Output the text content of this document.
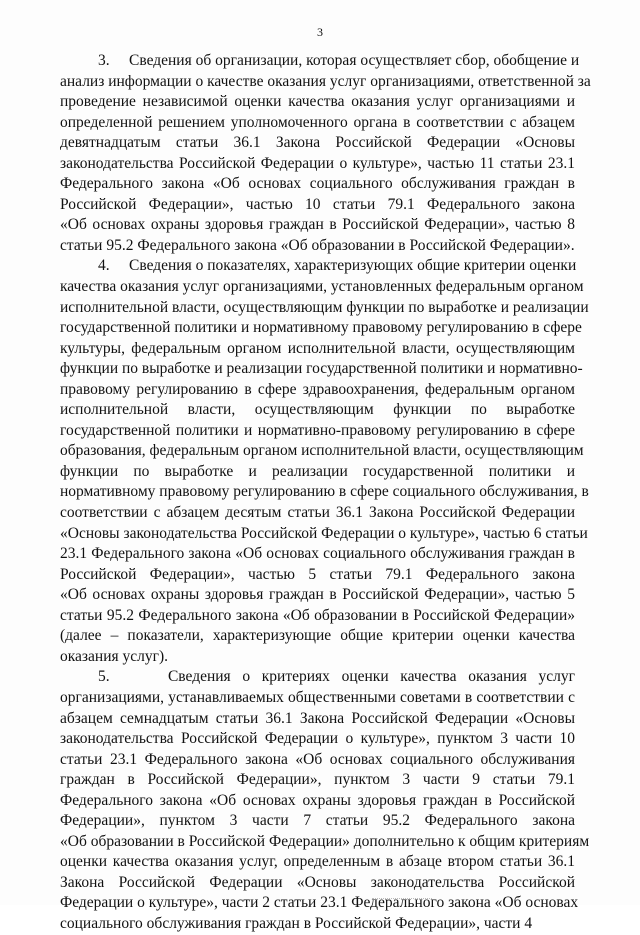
3

3.     Сведения об организации, которая осуществляет сбор, обобщение и
анализ информации о качестве оказания услуг организациями, ответственной за
проведение независимой оценки качества оказания услуг организациями и
определенной решением уполномоченного органа в соответствии с абзацем
девятнадцатым статьи 36.1 Закона Российской Федерации «Основы
законодательства Российской Федерации о культуре», частью 11 статьи 23.1
Федерального закона «Об основах социального обслуживания граждан в
Российской Федерации», частью 10 статьи 79.1 Федерального закона
«Об основах охраны здоровья граждан в Российской Федерации», частью 8
статьи 95.2 Федерального закона «Об образовании в Российской Федерации».

4.     Сведения о показателях, характеризующих общие критерии оценки
качества оказания услуг организациями, установленных федеральным органом
исполнительной власти, осуществляющим функции по выработке и реализации
государственной политики и нормативному правовому регулированию в сфере
культуры, федеральным органом исполнительной власти, осуществляющим
функции по выработке и реализации государственной политики и нормативно-
правовому регулированию в сфере здравоохранения, федеральным органом
исполнительной власти, осуществляющим функции по выработке
государственной политики и нормативно-правовому регулированию в сфере
образования, федеральным органом исполнительной власти, осуществляющим
функции по выработке и реализации государственной политики и
нормативному правовому регулированию в сфере социального обслуживания, в
соответствии с абзацем десятым статьи 36.1 Закона Российской Федерации
«Основы законодательства Российской Федерации о культуре», частью 6 статьи
23.1 Федерального закона «Об основах социального обслуживания граждан в
Российской Федерации», частью 5 статьи 79.1 Федерального закона
«Об основах охраны здоровья граждан в Российской Федерации», частью 5
статьи 95.2 Федерального закона «Об образовании в Российской Федерации»
(далее – показатели, характеризующие общие критерии оценки качества
оказания услуг).

5.     Сведения о критериях оценки качества оказания услуг
организациями, устанавливаемых общественными советами в соответствии с
абзацем семнадцатым статьи 36.1 Закона Российской Федерации «Основы
законодательства Российской Федерации о культуре», пунктом 3 части 10
статьи 23.1 Федерального закона «Об основах социального обслуживания
граждан в Российской Федерации», пунктом 3 части 9 статьи 79.1
Федерального закона «Об основах охраны здоровья граждан в Российской
Федерации», пунктом 3 части 7 статьи 95.2 Федерального закона
«Об образовании в Российской Федерации» дополнительно к общим критериям
оценки качества оказания услуг, определенным в абзаце втором статьи 36.1
Закона Российской Федерации «Основы законодательства Российской
Федерации о культуре», части 2 статьи 23.1 Федерального закона «Об основах
социального обслуживания граждан в Российской Федерации», части 4
